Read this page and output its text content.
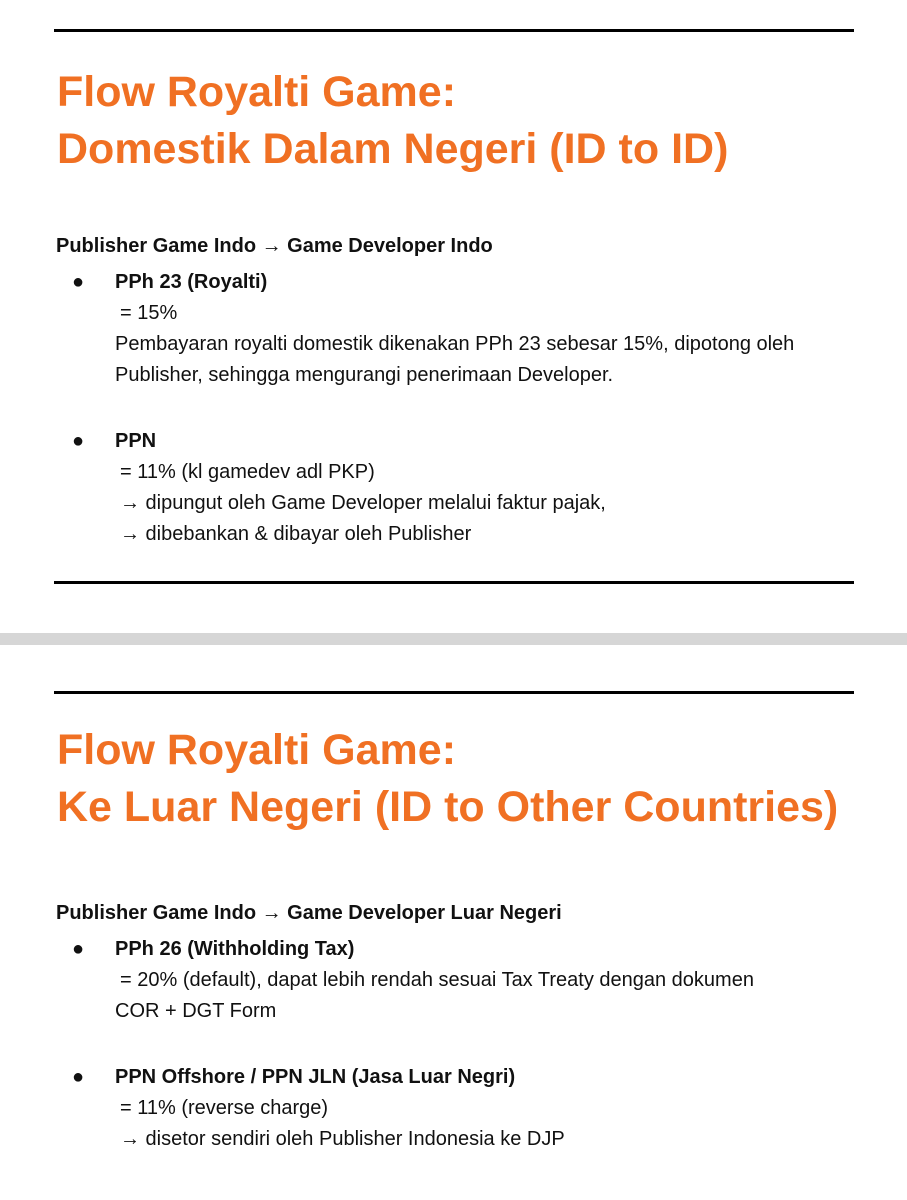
Flow Royalti Game:
Domestik Dalam Negeri (ID to ID)
Publisher Game Indo → Game Developer Indo
● PPh 23 (Royalti)
= 15%
Pembayaran royalti domestik dikenakan PPh 23 sebesar 15%, dipotong oleh Publisher, sehingga mengurangi penerimaan Developer.
● PPN
= 11% (kl gamedev adl PKP)
→ dipungut oleh Game Developer melalui faktur pajak,
→ dibebankan & dibayar oleh Publisher
Flow Royalti Game:
Ke Luar Negeri (ID to Other Countries)
Publisher Game Indo → Game Developer Luar Negeri
● PPh 26 (Withholding Tax)
= 20% (default), dapat lebih rendah sesuai Tax Treaty dengan dokumen
COR + DGT Form
● PPN Offshore / PPN JLN (Jasa Luar Negri)
= 11% (reverse charge)
→ disetor sendiri oleh Publisher Indonesia ke DJP
